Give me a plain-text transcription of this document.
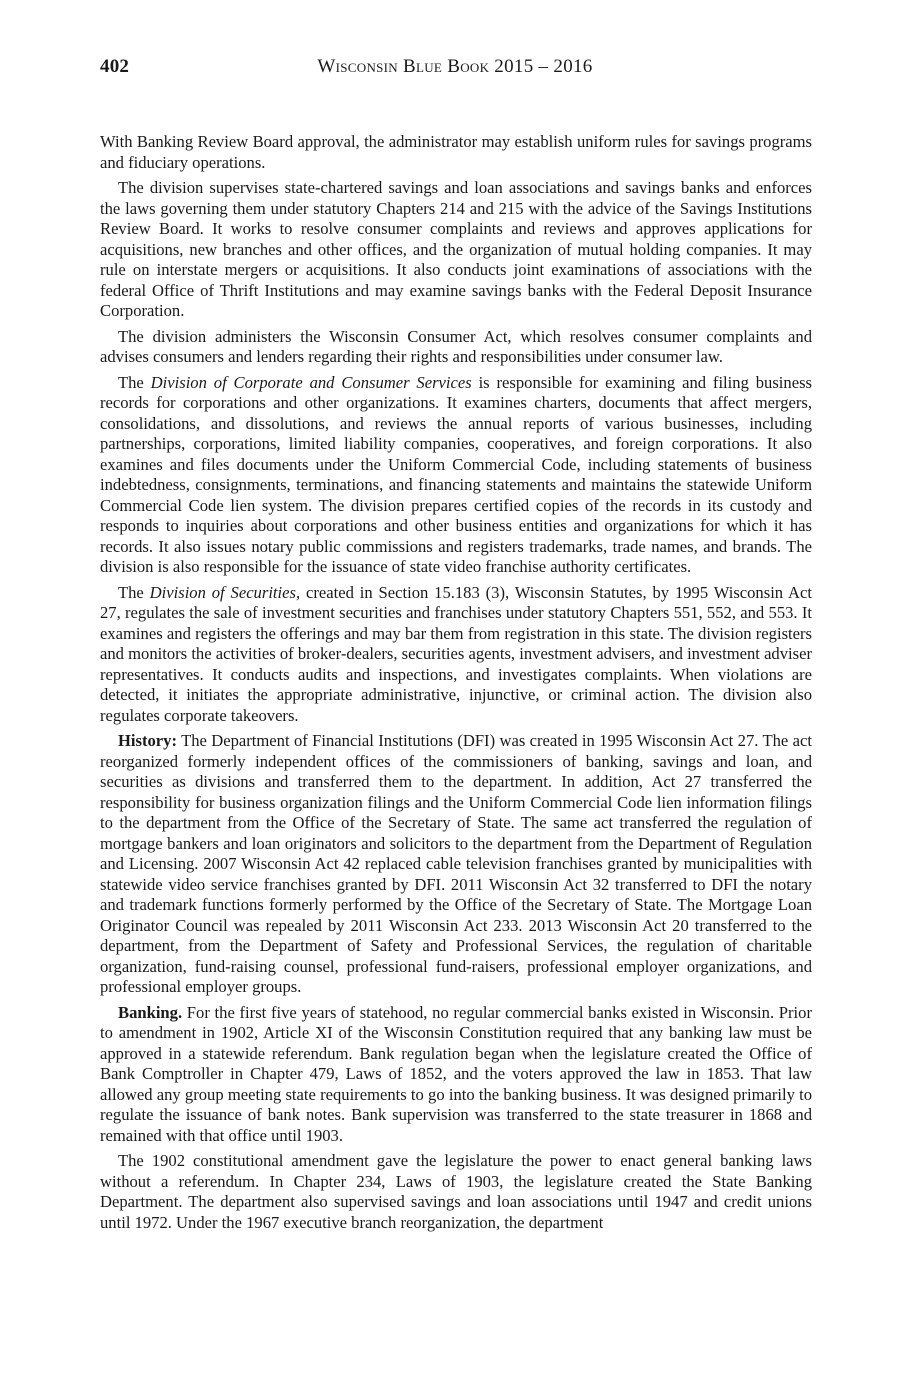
402	Wisconsin Blue Book 2015 – 2016

With Banking Review Board approval, the administrator may establish uniform rules for savings programs and fiduciary operations.

The division supervises state-chartered savings and loan associations and savings banks and enforces the laws governing them under statutory Chapters 214 and 215 with the advice of the Savings Institutions Review Board. It works to resolve consumer complaints and reviews and approves applications for acquisitions, new branches and other offices, and the organization of mutual holding companies. It may rule on interstate mergers or acquisitions. It also conducts joint examinations of associations with the federal Office of Thrift Institutions and may examine savings banks with the Federal Deposit Insurance Corporation.

The division administers the Wisconsin Consumer Act, which resolves consumer complaints and advises consumers and lenders regarding their rights and responsibilities under consumer law.

The Division of Corporate and Consumer Services is responsible for examining and filing business records for corporations and other organizations. It examines charters, documents that affect mergers, consolidations, and dissolutions, and reviews the annual reports of various businesses, including partnerships, corporations, limited liability companies, cooperatives, and foreign corporations. It also examines and files documents under the Uniform Commercial Code, including statements of business indebtedness, consignments, terminations, and financing statements and maintains the statewide Uniform Commercial Code lien system. The division prepares certified copies of the records in its custody and responds to inquiries about corporations and other business entities and organizations for which it has records. It also issues notary public commissions and registers trademarks, trade names, and brands. The division is also responsible for the issuance of state video franchise authority certificates.

The Division of Securities, created in Section 15.183 (3), Wisconsin Statutes, by 1995 Wisconsin Act 27, regulates the sale of investment securities and franchises under statutory Chapters 551, 552, and 553. It examines and registers the offerings and may bar them from registration in this state. The division registers and monitors the activities of broker-dealers, securities agents, investment advisers, and investment adviser representatives. It conducts audits and inspections, and investigates complaints. When violations are detected, it initiates the appropriate administrative, injunctive, or criminal action. The division also regulates corporate takeovers.

History: The Department of Financial Institutions (DFI) was created in 1995 Wisconsin Act 27. The act reorganized formerly independent offices of the commissioners of banking, savings and loan, and securities as divisions and transferred them to the department. In addition, Act 27 transferred the responsibility for business organization filings and the Uniform Commercial Code lien information filings to the department from the Office of the Secretary of State. The same act transferred the regulation of mortgage bankers and loan originators and solicitors to the department from the Department of Regulation and Licensing. 2007 Wisconsin Act 42 replaced cable television franchises granted by municipalities with statewide video service franchises granted by DFI. 2011 Wisconsin Act 32 transferred to DFI the notary and trademark functions formerly performed by the Office of the Secretary of State. The Mortgage Loan Originator Council was repealed by 2011 Wisconsin Act 233. 2013 Wisconsin Act 20 transferred to the department, from the Department of Safety and Professional Services, the regulation of charitable organization, fund-raising counsel, professional fund-raisers, professional employer organizations, and professional employer groups.

Banking. For the first five years of statehood, no regular commercial banks existed in Wisconsin. Prior to amendment in 1902, Article XI of the Wisconsin Constitution required that any banking law must be approved in a statewide referendum. Bank regulation began when the legislature created the Office of Bank Comptroller in Chapter 479, Laws of 1852, and the voters approved the law in 1853. That law allowed any group meeting state requirements to go into the banking business. It was designed primarily to regulate the issuance of bank notes. Bank supervision was transferred to the state treasurer in 1868 and remained with that office until 1903.

The 1902 constitutional amendment gave the legislature the power to enact general banking laws without a referendum. In Chapter 234, Laws of 1903, the legislature created the State Banking Department. The department also supervised savings and loan associations until 1947 and credit unions until 1972. Under the 1967 executive branch reorganization, the department
